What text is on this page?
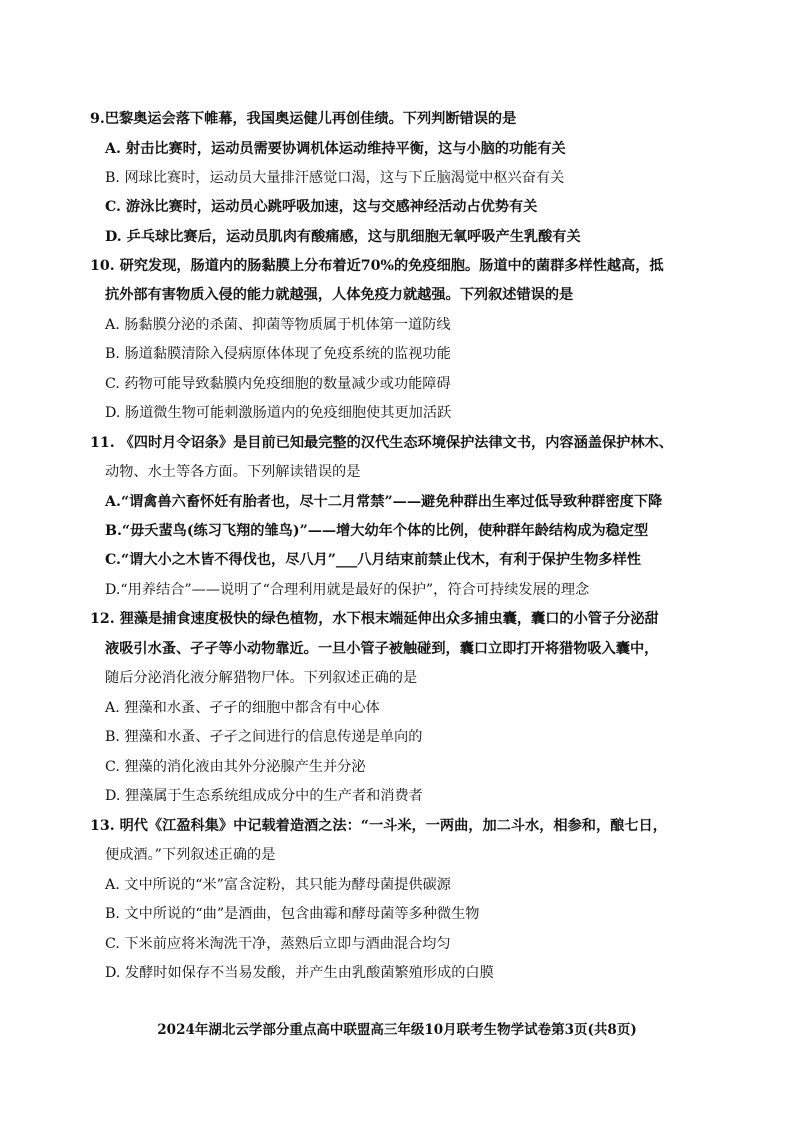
9.巴黎奥运会落下帷幕，我国奥运健儿再创佳绩。下列判断错误的是
A. 射击比赛时，运动员需要协调机体运动维持平衡，这与小脑的功能有关
B. 网球比赛时，运动员大量排汗感觉口渴，这与下丘脑渴觉中枢兴奋有关
C. 游泳比赛时，运动员心跳呼吸加速，这与交感神经活动占优势有关
D. 乒乓球比赛后，运动员肌肉有酸痛感，这与肌细胞无氧呼吸产生乳酸有关
10. 研究发现，肠道内的肠黏膜上分布着近70%的免疫细胞。肠道中的菌群多样性越高，抵
抗外部有害物质入侵的能力就越强，人体免疫力就越强。下列叙述错误的是
A. 肠黏膜分泌的杀菌、抑菌等物质属于机体第一道防线
B. 肠道黏膜清除入侵病原体体现了免疫系统的监视功能
C. 药物可能导致黏膜内免疫细胞的数量减少或功能障碍
D. 肠道微生物可能刺激肠道内的免疫细胞使其更加活跃
11. 《四时月令诏条》是目前已知最完整的汉代生态环境保护法律文书，内容涵盖保护林木、
动物、水土等各方面。下列解读错误的是
A.“谓禽兽六畜怀妊有胎者也，尽十二月常禁”——避免种群出生率过低导致种群密度下降
B.“毋夭蜚鸟(练习飞翔的雏鸟)”——增大幼年个体的比例，使种群年龄结构成为稳定型
C.“谓大小之木皆不得伐也，尽八月”___八月结束前禁止伐木，有利于保护生物多样性
D.“用养结合”——说明了“合理利用就是最好的保护”，符合可持续发展的理念
12. 狸藻是捕食速度极快的绿色植物，水下根末端延伸出众多捕虫囊，囊口的小管子分泌甜
液吸引水蚤、孑孑等小动物靠近。一旦小管子被触碰到，囊口立即打开将猎物吸入囊中，
随后分泌消化液分解猎物尸体。下列叙述正确的是
A. 狸藻和水蚤、孑孑的细胞中都含有中心体
B. 狸藻和水蚤、孑孑之间进行的信息传递是单向的
C. 狸藻的消化液由其外分泌腺产生并分泌
D. 狸藻属于生态系统组成成分中的生产者和消费者
13. 明代《江盈科集》中记载着造酒之法：“一斗米，一两曲，加二斗水，相参和，酿七日，
便成酒。”下列叙述正确的是
A. 文中所说的“米”富含淀粉，其只能为酵母菌提供碳源
B. 文中所说的“曲”是酒曲，包含曲霉和酵母菌等多种微生物
C. 下米前应将米淘洗干净，蒸熟后立即与酒曲混合均匀
D. 发酵时如保存不当易发酸，并产生由乳酸菌繁殖形成的白膜
2024年湖北云学部分重点高中联盟高三年级10月联考生物学试卷第3页(共8页)
